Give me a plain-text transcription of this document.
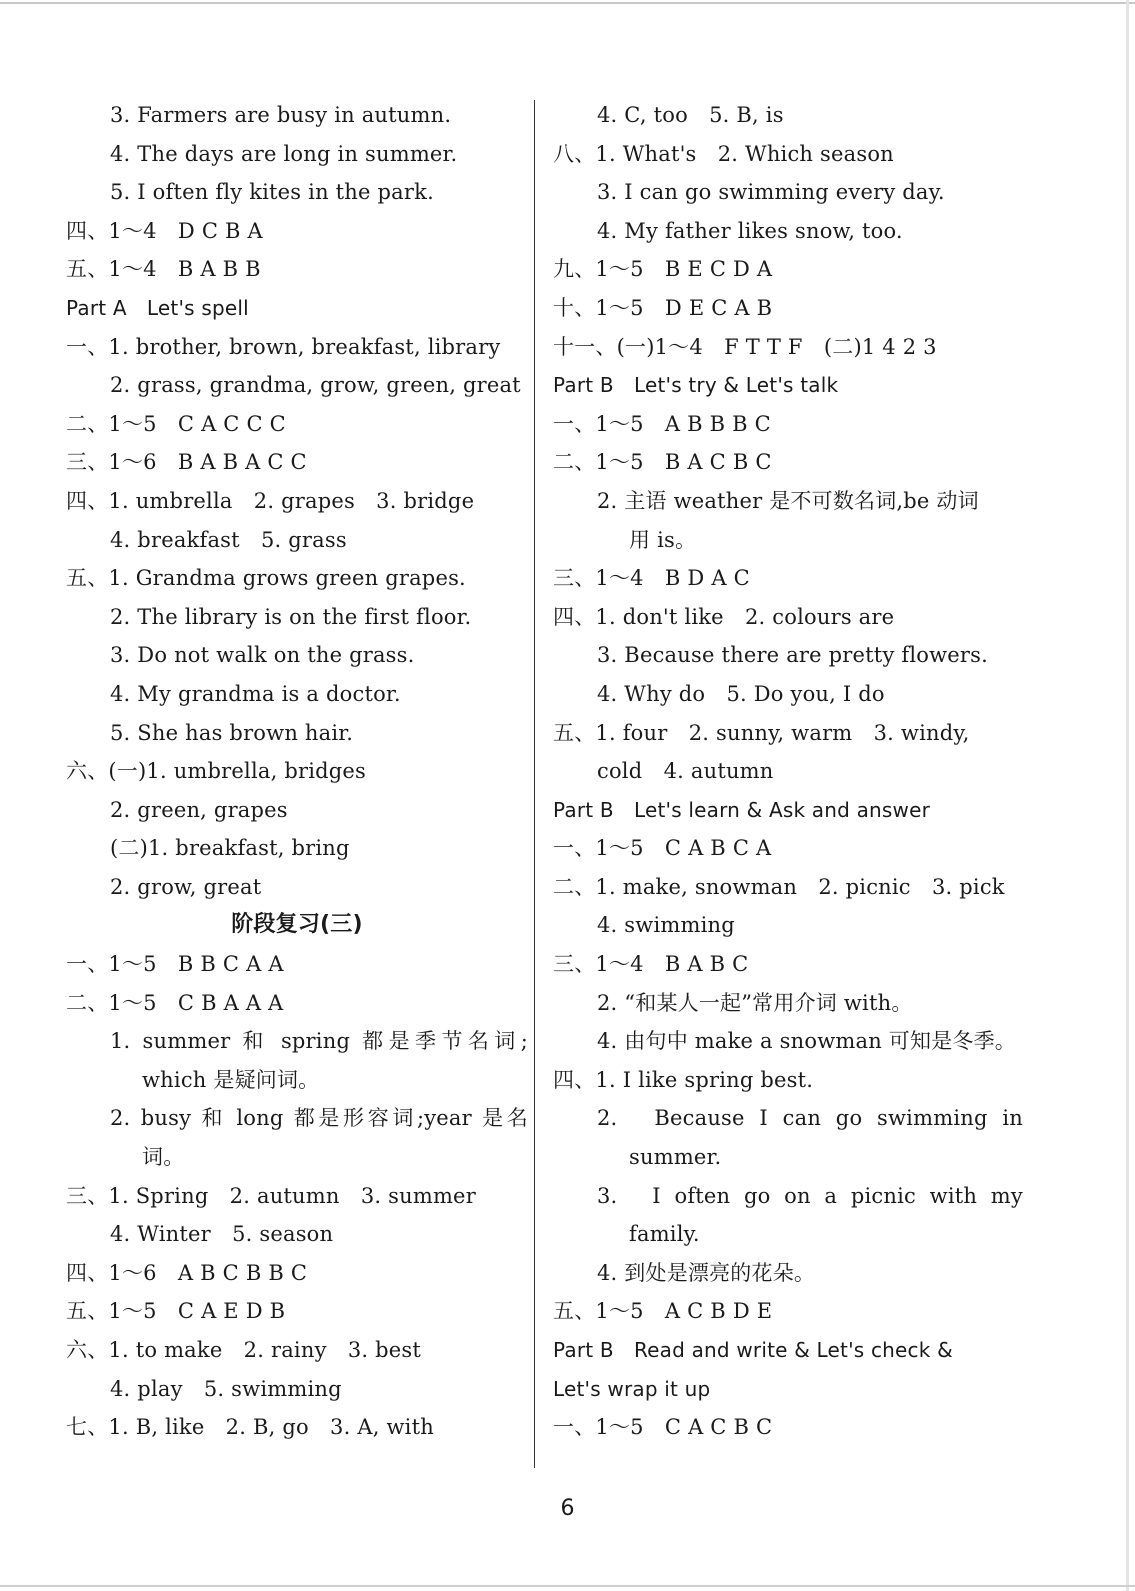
3. Farmers are busy in autumn.
4. The days are long in summer.
5. I often fly kites in the park.
四、1～4　D C B A
五、1～4　B A B B
Part A　Let's spell
一、1. brother, brown, breakfast, library
2. grass, grandma, grow, green, great
二、1～5　C A C C C
三、1～6　B A B A C C
四、1. umbrella　2. grapes　3. bridge
4. breakfast　5. grass
五、1. Grandma grows green grapes.
2. The library is on the first floor.
3. Do not walk on the grass.
4. My grandma is a doctor.
5. She has brown hair.
六、(一)1. umbrella, bridges
2. green, grapes
(二)1. breakfast, bring
2. grow, great
阶段复习(三)
一、1～5　B B C A A
二、1～5　C B A A A
1. summer 和 spring 都是季节名词;
which 是疑问词。
2. busy 和 long 都是形容词;year 是名
词。
三、1. Spring　2. autumn　3. summer
4. Winter　5. season
四、1～6　A B C B B C
五、1～5　C A E D B
六、1. to make　2. rainy　3. best
4. play　5. swimming
七、1. B, like　2. B, go　3. A, with
4. C, too　5. B, is
八、1. What's　2. Which season
3. I can go swimming every day.
4. My father likes snow, too.
九、1～5　B E C D A
十、1～5　D E C A B
十一、(一)1～4　F T T F　(二)1 4 2 3
Part B　Let's try & Let's talk
一、1～5　A B B B C
二、1～5　B A C B C
2. 主语 weather 是不可数名词,be 动词
用 is。
三、1～4　B D A C
四、1. don't like　2. colours are
3. Because there are pretty flowers.
4. Why do　5. Do you, I do
五、1. four　2. sunny, warm　3. windy,
cold　4. autumn
Part B　Let's learn & Ask and answer
一、1～5　C A B C A
二、1. make, snowman　2. picnic　3. pick
4. swimming
三、1～4　B A B C
2. “和某人一起”常用介词 with。
4. 由句中 make a snowman 可知是冬季。
四、1. I like spring best.
2.　Because I can go swimming in
summer.
3.　I often go on a picnic with my
family.
4. 到处是漂亮的花朵。
五、1～5　A C B D E
Part B　Read and write & Let's check &
Let's wrap it up
一、1～5　C A C B C
6
